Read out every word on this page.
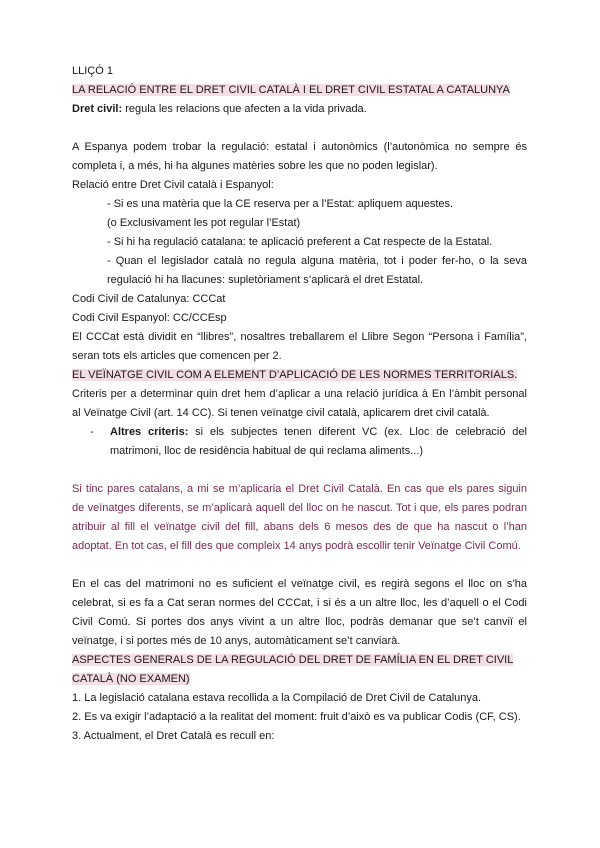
LLIÇÓ 1
LA RELACIÓ ENTRE EL DRET CIVIL CATALÀ I EL DRET CIVIL ESTATAL A CATALUNYA
Dret civil: regula les relacions que afecten a la vida privada.
A Espanya podem trobar la regulació: estatal i autonòmics (l’autonòmica no sempre és
completa i, a més, hi ha algunes matèries sobre les que no poden legislar).
Relació entre Dret Civil català i Espanyol:
- Si es una matèria que la CE reserva per a l’Estat: apliquem aquestes.
(o Exclusivament les pot regular l’Estat)
- Si hi ha regulació catalana: te aplicació preferent a Cat respecte de la Estatal.
- Quan el legislador català no regula alguna matèria, tot i poder fer-ho, o la seva
regulació hi ha llacunes: supletòriament s’aplicarà el dret Estatal.
Codi Civil de Catalunya: CCCat
Codi Civil Espanyol: CC/CCEsp
El CCCat està dividit en “llibres”, nosaltres treballarem el Llibre Segon “Persona i Família”,
seran tots els articles que comencen per 2.
EL VEÏNATGE CIVIL COM A ELEMENT D’APLICACIÓ DE LES NORMES TERRITORIALS.
Criteris per a determinar quin dret hem d’aplicar a una relació jurídica à En l’àmbit personal
al Veïnatge Civil (art. 14 CC). Si tenen veïnatge civil català, aplicarem dret civil català.
- Altres criteris: si els subjectes tenen diferent VC (ex. Lloc de celebració del
matrimoni, lloc de residència habitual de qui reclama aliments...)
Si tinc pares catalans, a mi se m’aplicaria el Dret Civil Català. En cas que els pares siguin
de veïnatges diferents, se m’aplicarà aquell del lloc on he nascut. Tot i que, els pares podran
atribuir al fill el veïnatge civil del fill, abans dels 6 mesos des de que ha nascut o l’han
adoptat. En tot cas, el fill des que compleix 14 anys podrà escollir tenir Veïnatge Civil Comú.
En el cas del matrimoni no es suficient el veïnatge civil, es regirà segons el lloc on s’ha
celebrat, si es fa a Cat seran normes del CCCat, i si és a un altre lloc, les d’aquell o el Codi
Civil Comú. Si portes dos anys vivint a un altre lloc, podràs demanar que se’t canviï el
veïnatge, i si portes més de 10 anys, automàticament se’t canviarà.
ASPECTES GENERALS DE LA REGULACIÓ DEL DRET DE FAMÍLIA EN EL DRET CIVIL
CATALÀ (NO EXAMEN)
1. La legislació catalana estava recollida a la Compilació de Dret Civil de Catalunya.
2. Es va exigir l’adaptació a la realitat del moment: fruit d’això es va publicar Codis (CF, CS).
3. Actualment, el Dret Català es recull en:
